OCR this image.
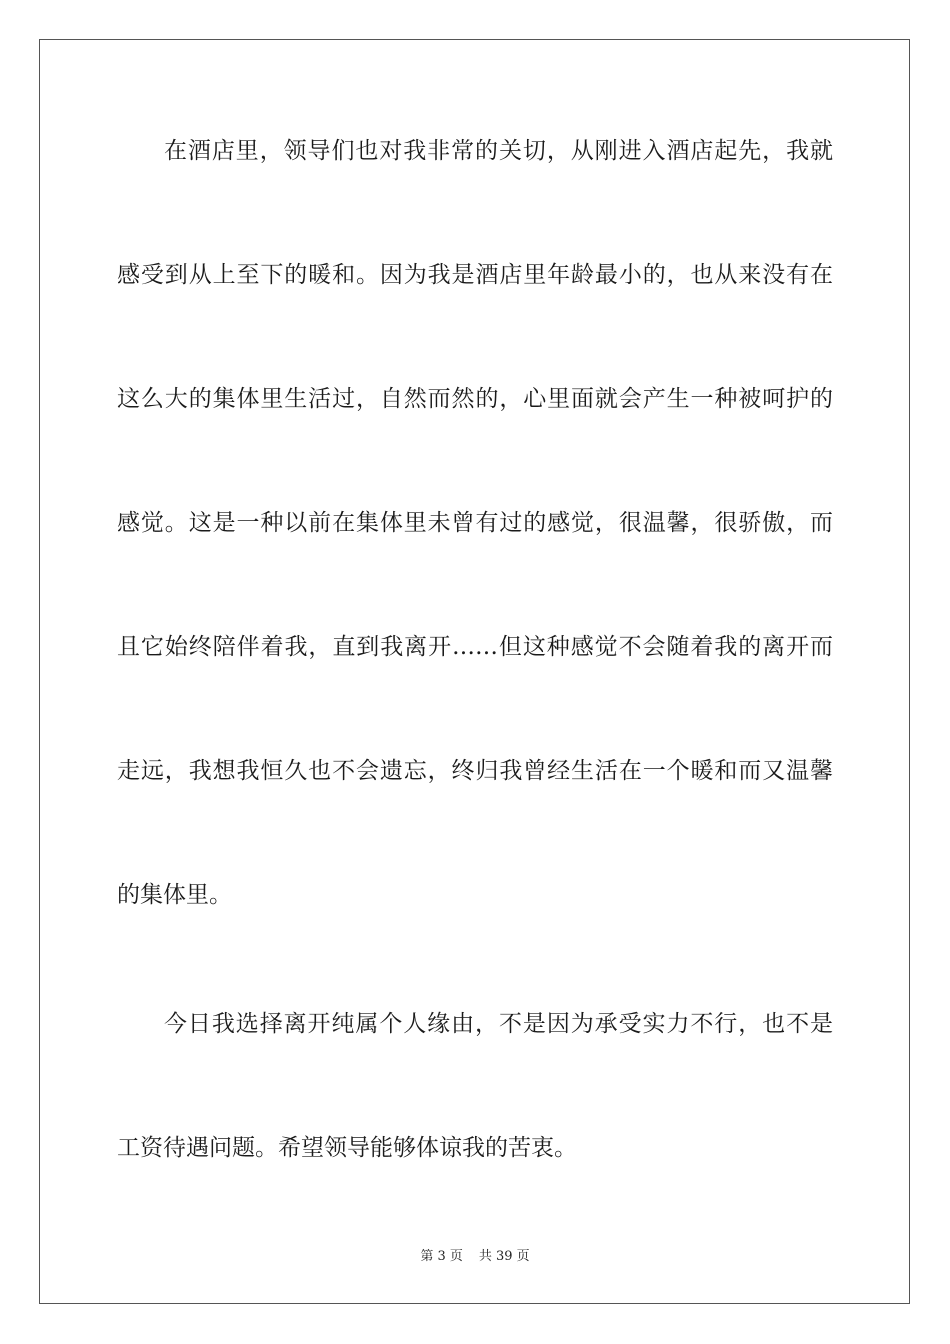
在酒店里，领导们也对我非常的关切，从刚进入酒店起先，我就
感受到从上至下的暖和。因为我是酒店里年龄最小的，也从来没有在
这么大的集体里生活过，自然而然的，心里面就会产生一种被呵护的
感觉。这是一种以前在集体里未曾有过的感觉，很温馨，很骄傲，而
且它始终陪伴着我，直到我离开……但这种感觉不会随着我的离开而
走远，我想我恒久也不会遗忘，终归我曾经生活在一个暖和而又温馨
的集体里。
今日我选择离开纯属个人缘由，不是因为承受实力不行，也不是
工资待遇问题。希望领导能够体谅我的苦衷。
第 3 页 共 39 页
